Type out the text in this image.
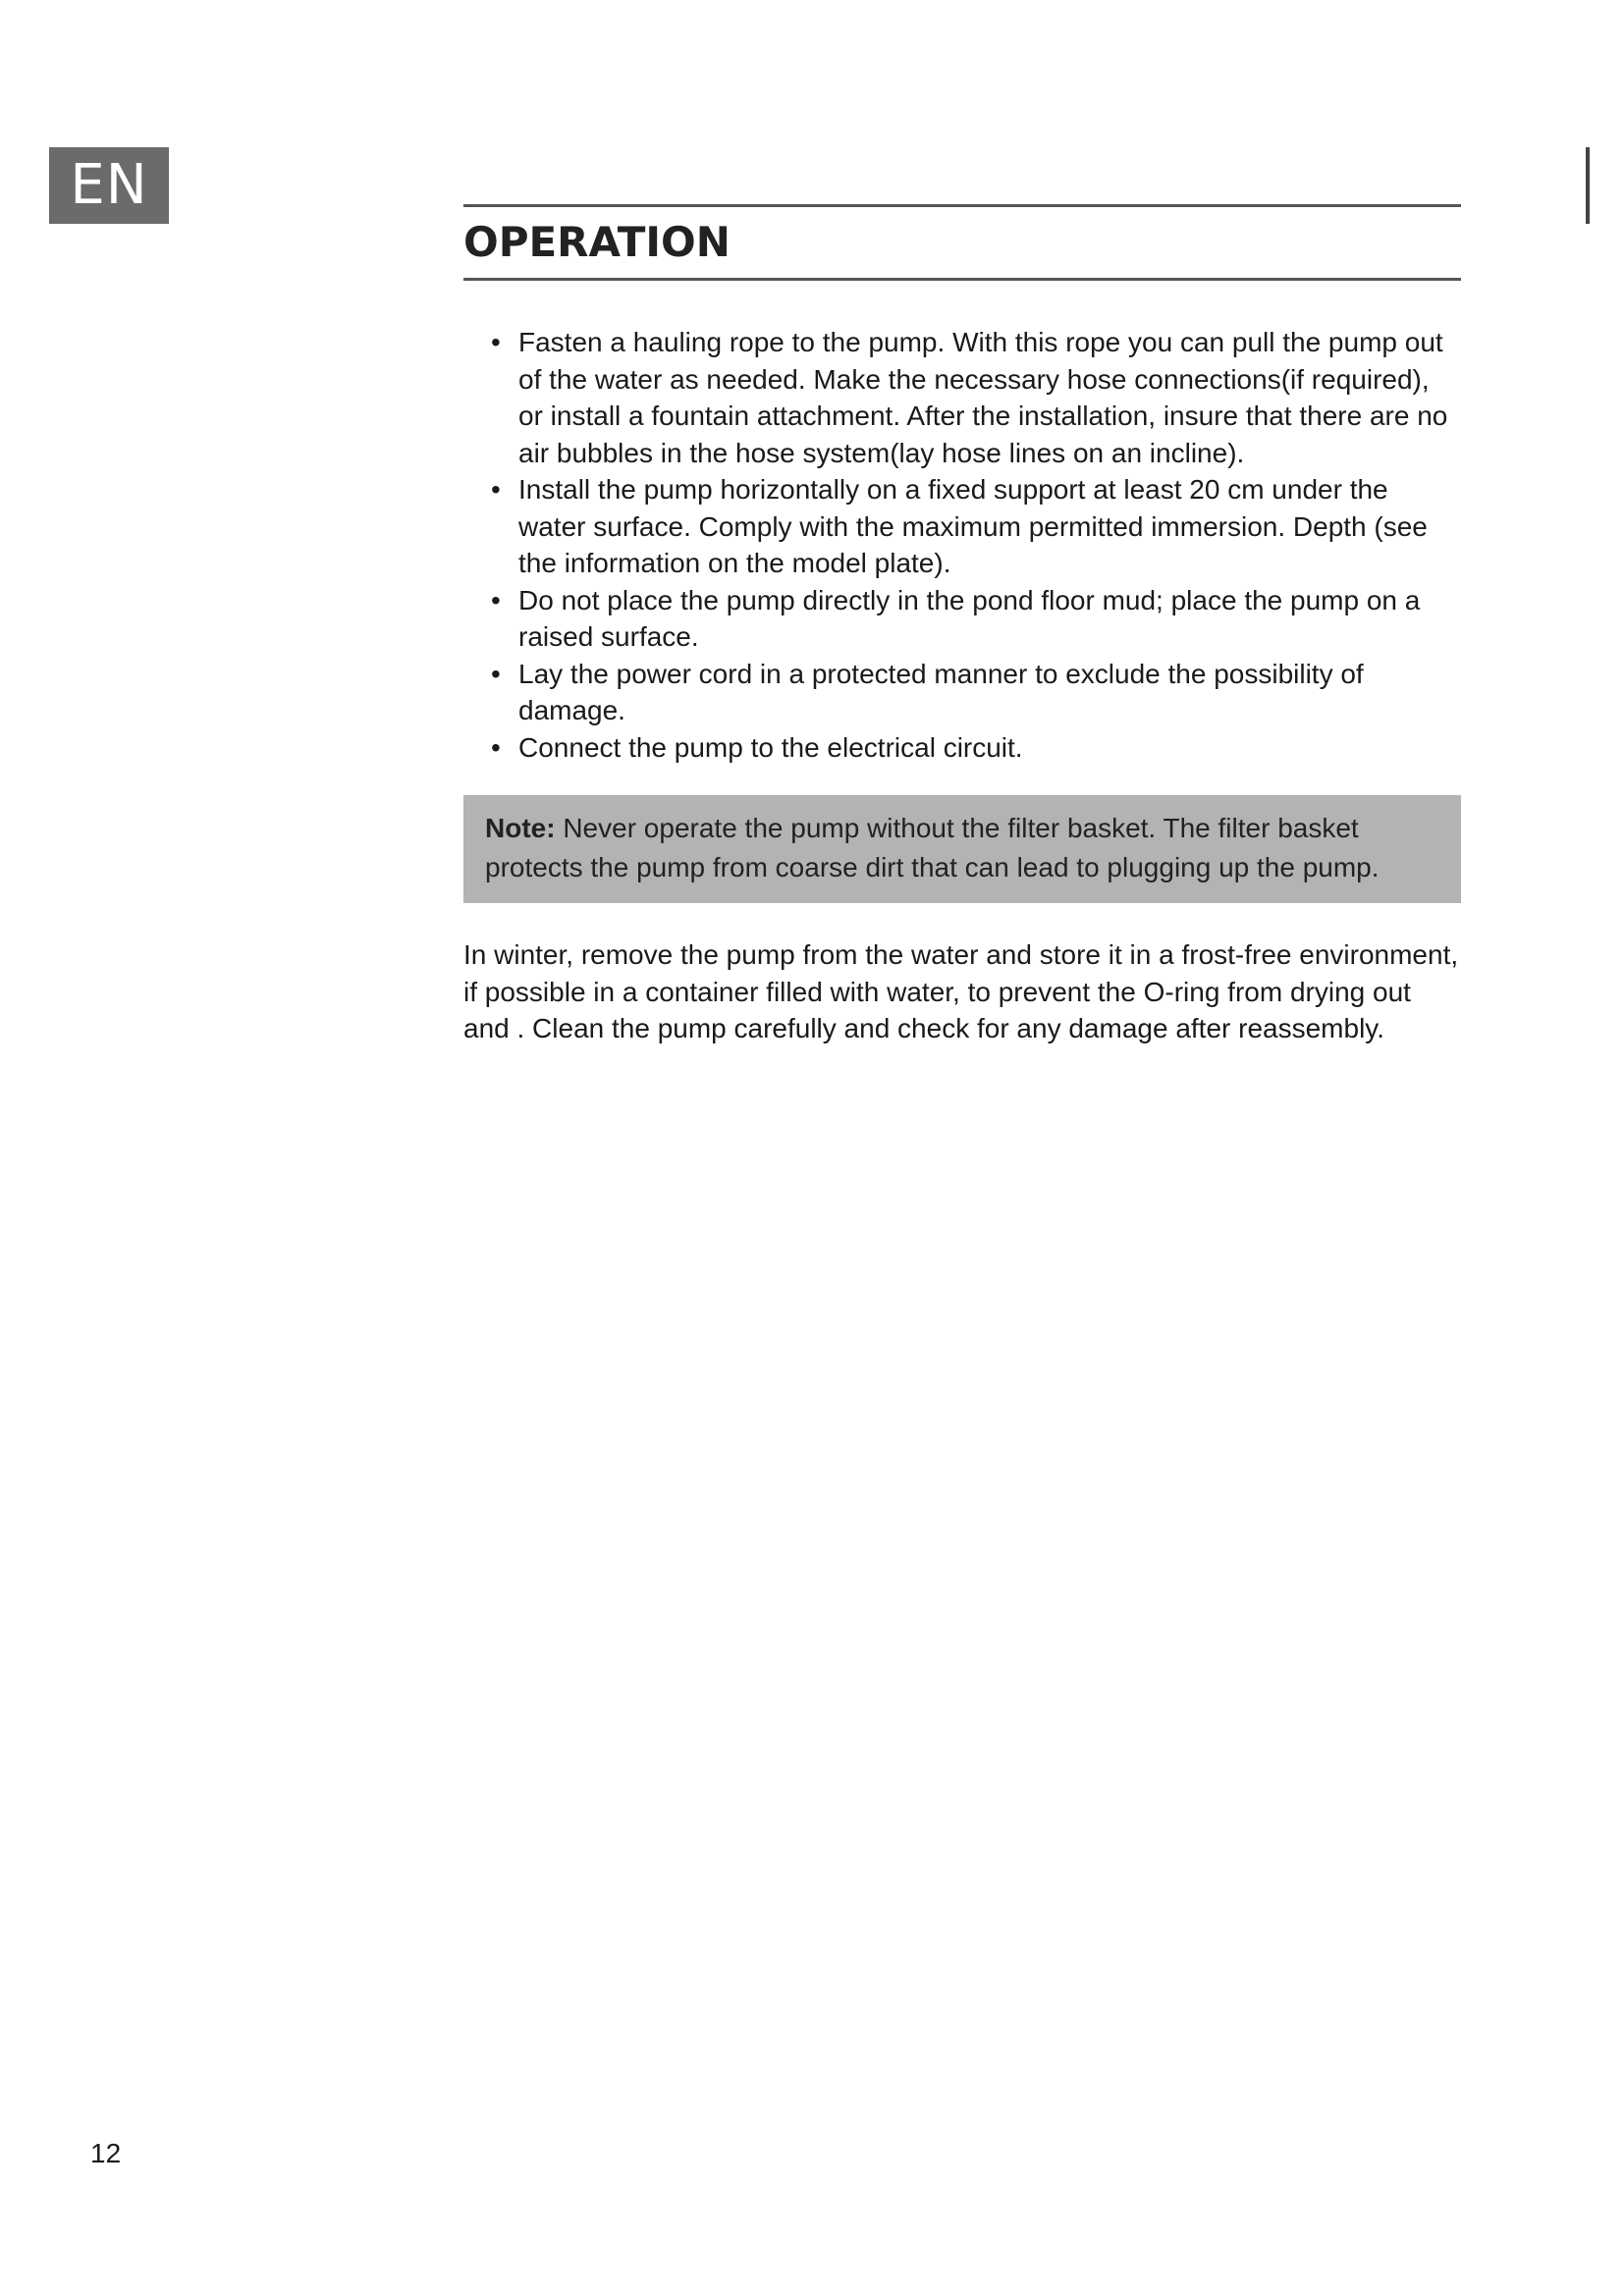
EN
OPERATION
• Fasten a hauling rope to the pump. With this rope you can pull the pump out of the water as needed. Make the necessary hose connections(if required), or install a fountain attachment. After the installation, insure that there are no air bubbles in the hose system(lay hose lines on an incline).
• Install the pump horizontally on a fixed support at least 20 cm under the water surface. Comply with the maximum permitted immersion. Depth (see the information on the model plate).
• Do not place the pump directly in the pond floor mud; place the pump on a raised surface.
• Lay the power cord in a protected manner to exclude the possibility of damage.
• Connect the pump to the electrical circuit.
Note: Never operate the pump without the filter basket. The filter basket protects the pump from coarse dirt that can lead to plugging up the pump.

In winter, remove the pump from the water and store it in a frost-free environment, if possible in a container filled with water, to prevent the O-ring from drying out and . Clean the pump carefully and check for any damage after reassembly.

12
